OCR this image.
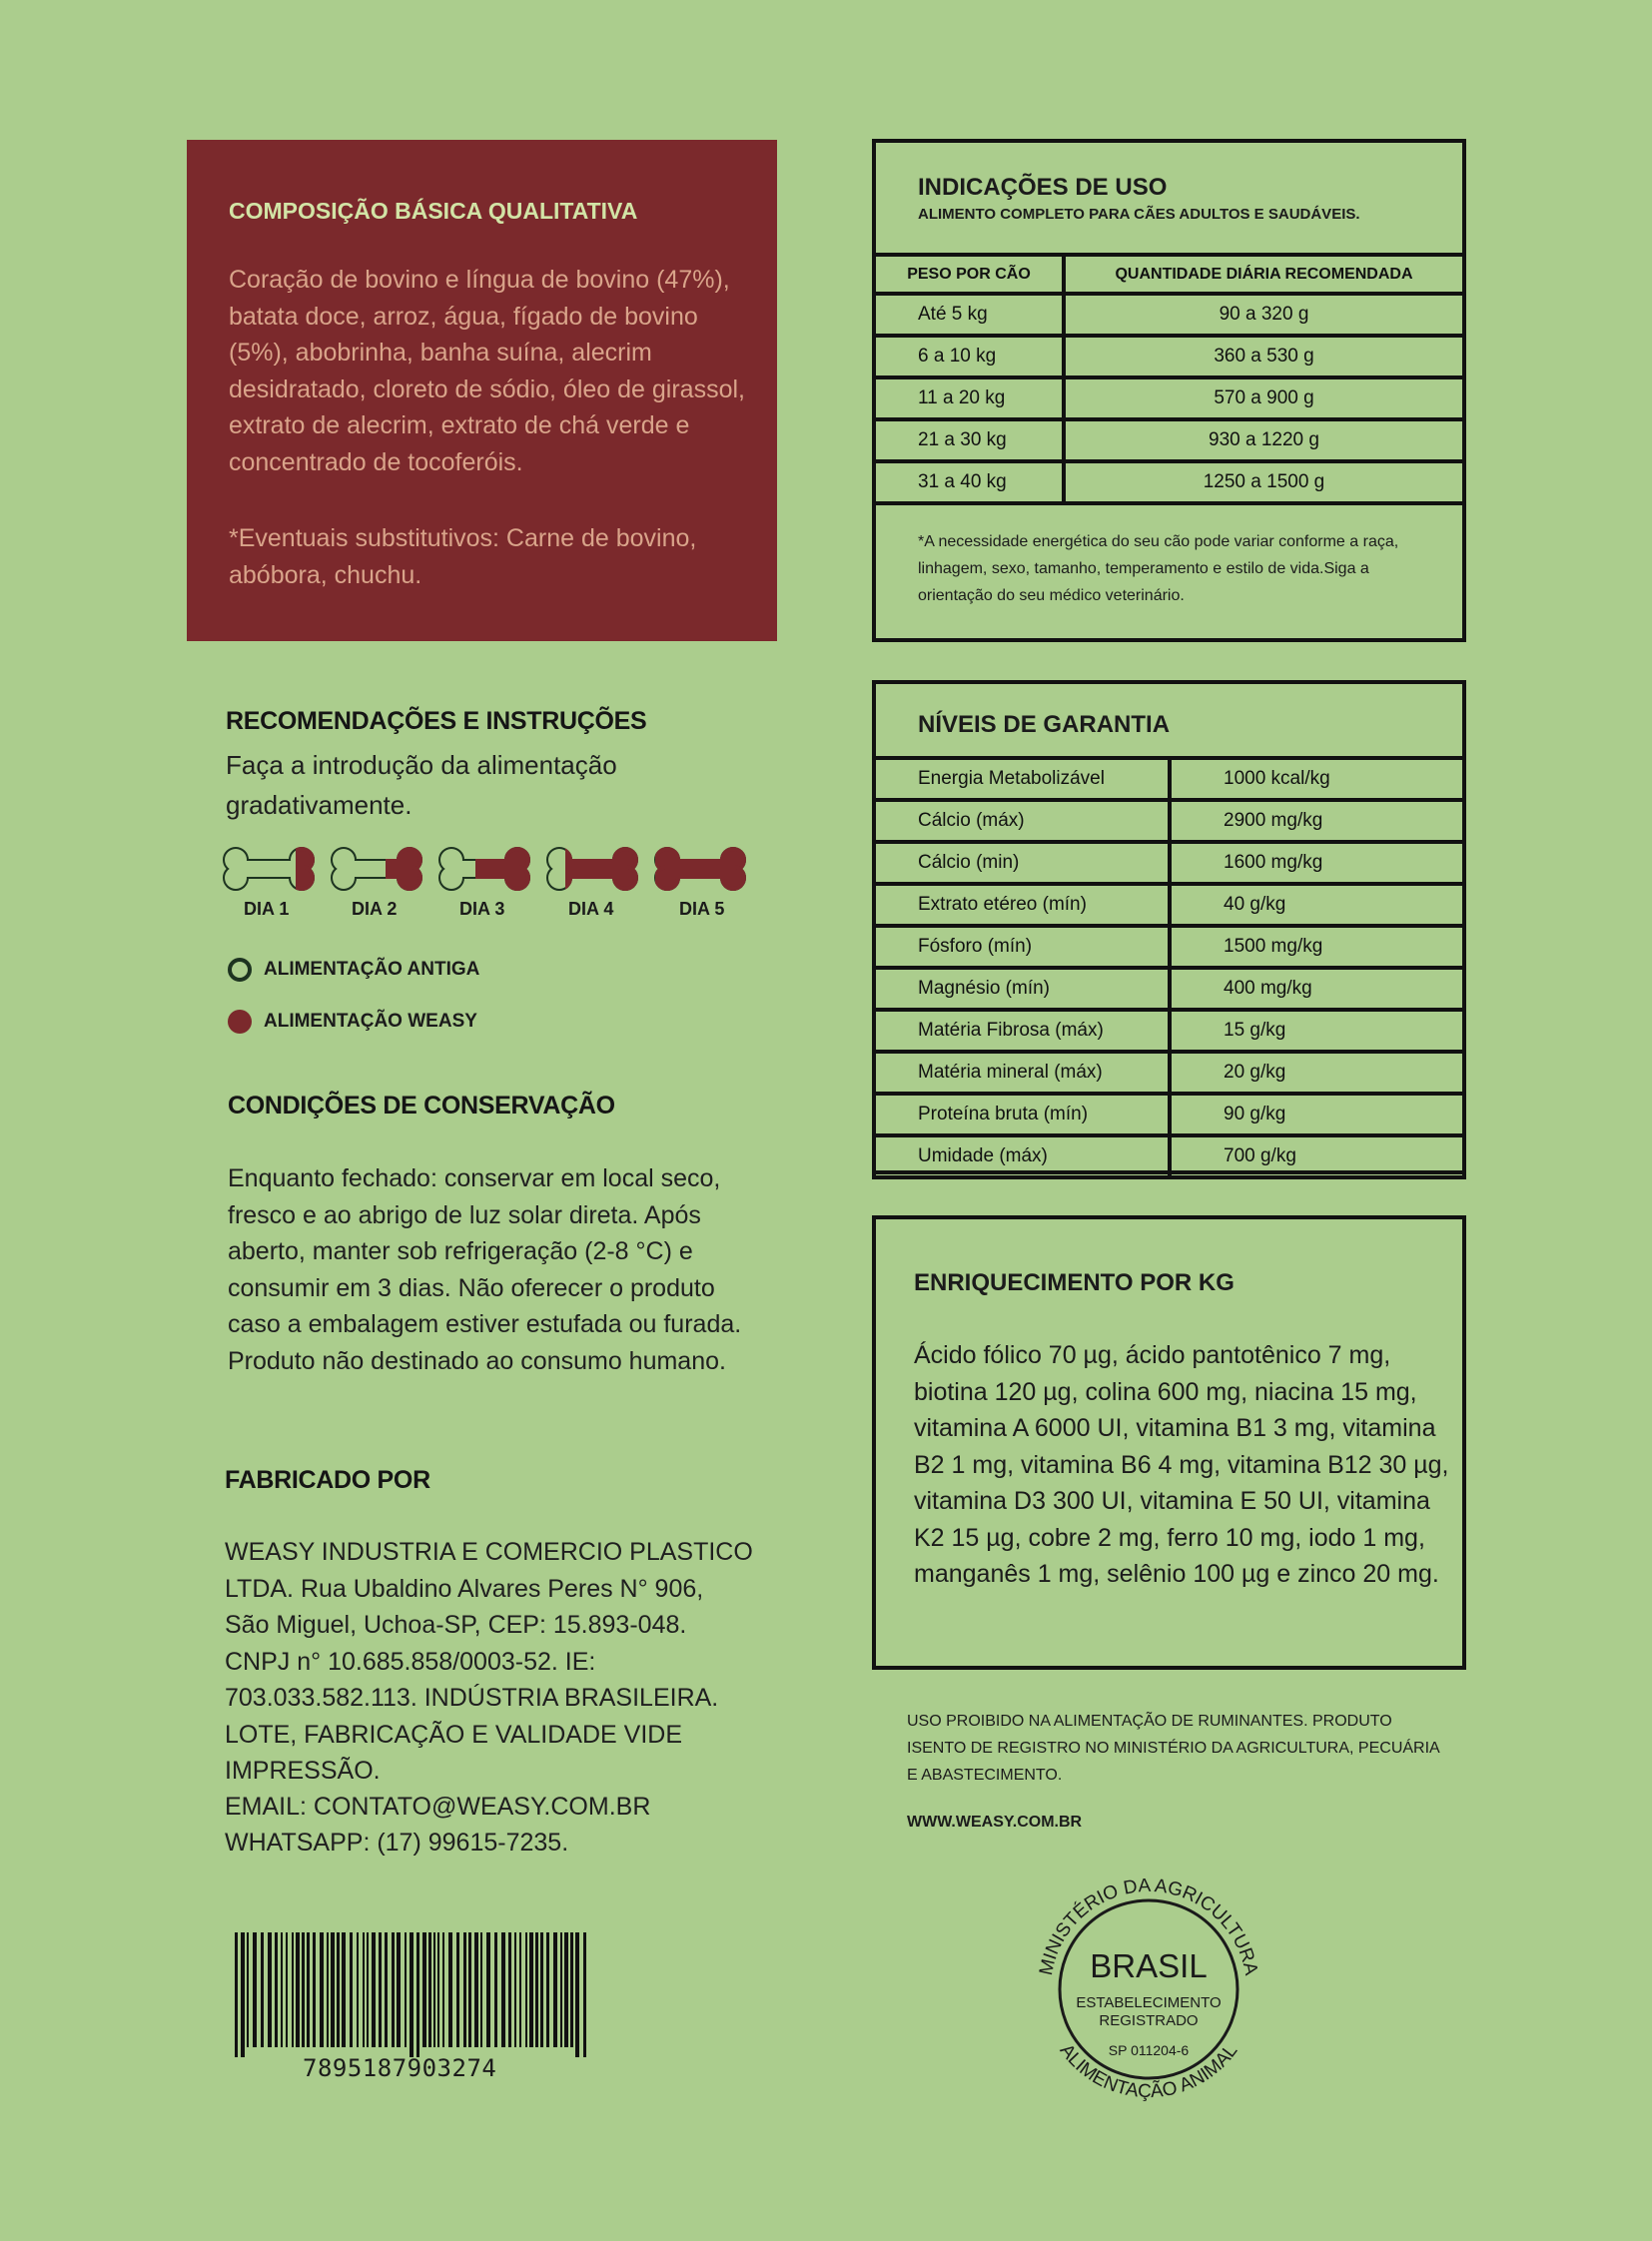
COMPOSIÇÃO BÁSICA QUALITATIVA
Coração de bovino e língua de bovino (47%), batata doce, arroz, água, fígado de bovino (5%), abobrinha, banha suína, alecrim desidratado, cloreto de sódio, óleo de girassol, extrato de alecrim, extrato de chá verde e concentrado de tocoferóis.
*Eventuais substitutivos: Carne de bovino, abóbora, chuchu.
RECOMENDAÇÕES E INSTRUÇÕES
Faça a introdução da alimentação gradativamente.
DIA 1	DIA 2	DIA 3	DIA 4	DIA 5
ALIMENTAÇÃO ANTIGA
ALIMENTAÇÃO WEASY
CONDIÇÕES DE CONSERVAÇÃO
Enquanto fechado: conservar em local seco, fresco e ao abrigo de luz solar direta. Após aberto, manter sob refrigeração (2-8 °C) e consumir em 3 dias. Não oferecer o produto caso a embalagem estiver estufada ou furada. Produto não destinado ao consumo humano.
FABRICADO POR
WEASY INDUSTRIA E COMERCIO PLASTICO LTDA. Rua Ubaldino Alvares Peres N° 906, São Miguel, Uchoa-SP, CEP: 15.893-048. CNPJ n° 10.685.858/0003-52. IE: 703.033.582.113. INDÚSTRIA BRASILEIRA. LOTE, FABRICAÇÃO E VALIDADE VIDE IMPRESSÃO.
EMAIL: CONTATO@WEASY.COM.BR
WHATSAPP: (17) 99615-7235.
7895187903274
INDICAÇÕES DE USO
ALIMENTO COMPLETO PARA CÃES ADULTOS E SAUDÁVEIS.
PESO POR CÃO	QUANTIDADE DIÁRIA RECOMENDADA
Até 5 kg	90 a 320 g
6 a 10 kg	360 a 530 g
11 a 20 kg	570 a 900 g
21 a 30 kg	930 a 1220 g
31 a 40 kg	1250 a 1500 g
*A necessidade energética do seu cão pode variar conforme a raça, linhagem, sexo, tamanho, temperamento e estilo de vida.Siga a orientação do seu médico veterinário.
NÍVEIS DE GARANTIA
Energia Metabolizável	1000 kcal/kg
Cálcio (máx)	2900 mg/kg
Cálcio (min)	1600 mg/kg
Extrato etéreo (mín)	40 g/kg
Fósforo (mín)	1500 mg/kg
Magnésio (mín)	400 mg/kg
Matéria Fibrosa (máx)	15 g/kg
Matéria mineral (máx)	20 g/kg
Proteína bruta (mín)	90 g/kg
Umidade (máx)	700 g/kg
ENRIQUECIMENTO POR KG
Ácido fólico 70 µg, ácido pantotênico 7 mg, biotina 120 µg, colina 600 mg, niacina 15 mg, vitamina A 6000 UI, vitamina B1 3 mg, vitamina B2 1 mg, vitamina B6 4 mg, vitamina B12 30 µg, vitamina D3 300 UI, vitamina E 50 UI, vitamina K2 15 µg, cobre 2 mg, ferro 10 mg, iodo 1 mg, manganês 1 mg, selênio 100 µg e zinco 20 mg.
USO PROIBIDO NA ALIMENTAÇÃO DE RUMINANTES. PRODUTO ISENTO DE REGISTRO NO MINISTÉRIO DA AGRICULTURA, PECUÁRIA E ABASTECIMENTO.
WWW.WEASY.COM.BR
MINISTÉRIO DA AGRICULTURA
ALIMENTAÇÃO ANIMAL
BRASIL
ESTABELECIMENTO
REGISTRADO
SP 011204-6
